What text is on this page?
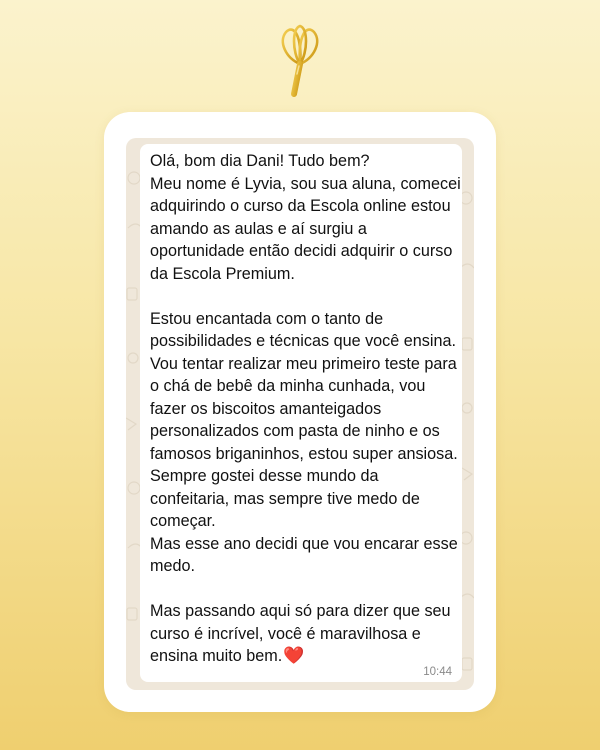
Olá, bom dia Dani! Tudo bem?
Meu nome é Lyvia, sou sua aluna, comecei adquirindo o curso da Escola online estou amando as aulas e aí surgiu a oportunidade então decidi adquirir o curso da Escola Premium.

Estou encantada com o tanto de possibilidades e técnicas que você ensina.
Vou tentar realizar meu primeiro teste para o chá de bebê da minha cunhada, vou fazer os biscoitos amanteigados personalizados com pasta de ninho e os famosos briganinhos, estou super ansiosa.
Sempre gostei desse mundo da confeitaria, mas sempre tive medo de começar.
Mas esse ano decidi que vou encarar esse medo.

Mas passando aqui só para dizer que seu curso é incrível, você é maravilhosa e ensina muito bem.❤️

10:44
